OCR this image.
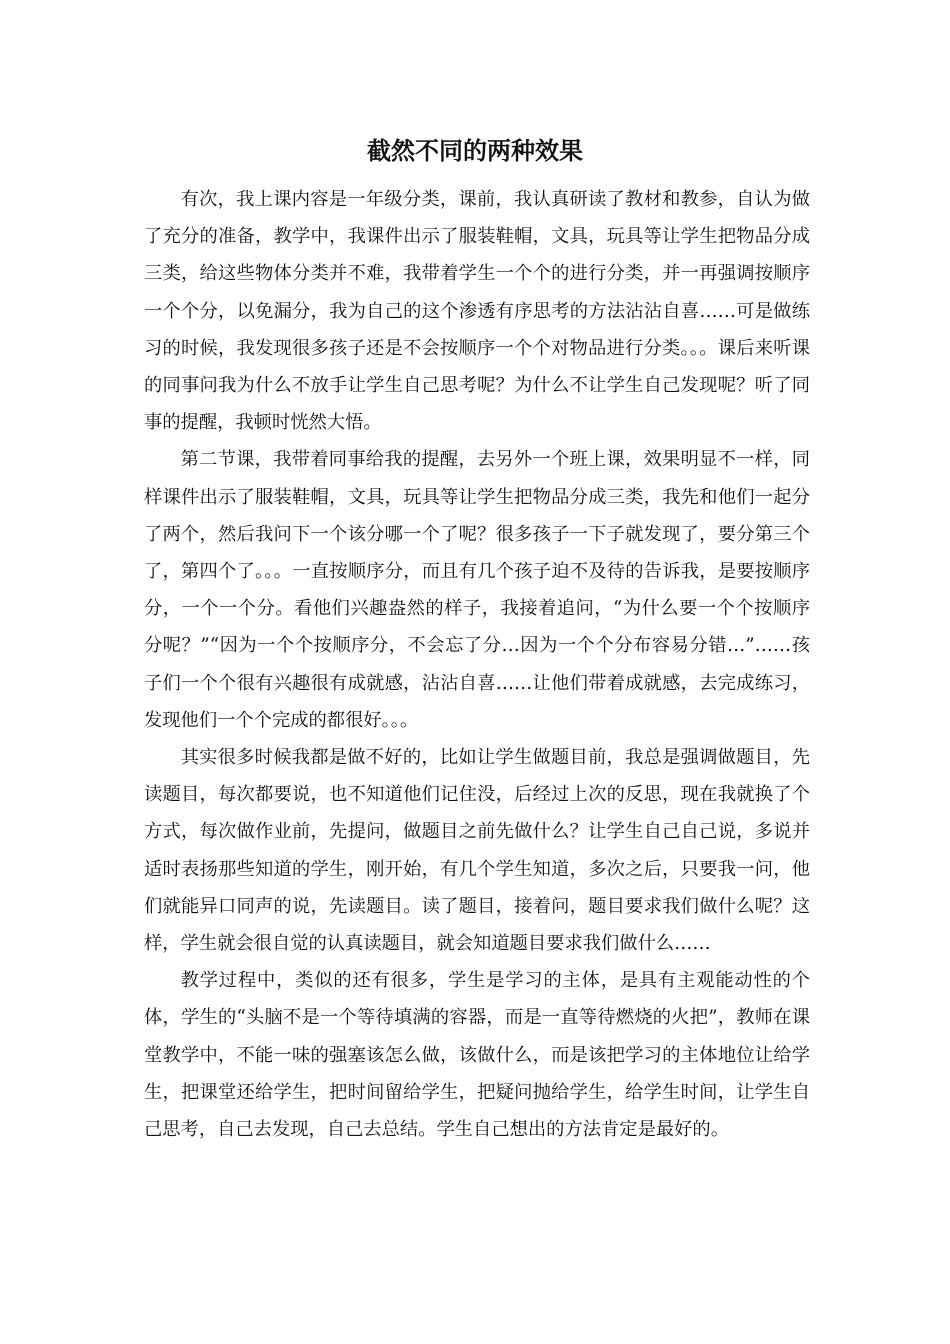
截然不同的两种效果

有次，我上课内容是一年级分类，课前，我认真研读了教材和教参，自认为做了充分的准备，教学中，我课件出示了服装鞋帽，文具，玩具等让学生把物品分成三类，给这些物体分类并不难，我带着学生一个个的进行分类，并一再强调按顺序一个个分，以免漏分，我为自己的这个渗透有序思考的方法沾沾自喜……可是做练习的时候，我发现很多孩子还是不会按顺序一个个对物品进行分类。。。课后来听课的同事问我为什么不放手让学生自己思考呢？为什么不让学生自己发现呢？听了同事的提醒，我顿时恍然大悟。

第二节课，我带着同事给我的提醒，去另外一个班上课，效果明显不一样，同样课件出示了服装鞋帽，文具，玩具等让学生把物品分成三类，我先和他们一起分了两个，然后我问下一个该分哪一个了呢？很多孩子一下子就发现了，要分第三个了，第四个了。。。一直按顺序分，而且有几个孩子迫不及待的告诉我，是要按顺序分，一个一个分。看他们兴趣盎然的样子，我接着追问，“为什么要一个个按顺序分呢？”“因为一个个按顺序分，不会忘了分…因为一个个分布容易分错…”……孩子们一个个很有兴趣很有成就感，沾沾自喜……让他们带着成就感，去完成练习，发现他们一个个完成的都很好。。。

其实很多时候我都是做不好的，比如让学生做题目前，我总是强调做题目，先读题目，每次都要说，也不知道他们记住没，后经过上次的反思，现在我就换了个方式，每次做作业前，先提问，做题目之前先做什么？让学生自己自己说，多说并适时表扬那些知道的学生，刚开始，有几个学生知道，多次之后，只要我一问，他们就能异口同声的说，先读题目。读了题目，接着问，题目要求我们做什么呢？这样，学生就会很自觉的认真读题目，就会知道题目要求我们做什么……

教学过程中，类似的还有很多，学生是学习的主体，是具有主观能动性的个体，学生的“头脑不是一个等待填满的容器，而是一直等待燃烧的火把”，教师在课堂教学中，不能一味的强塞该怎么做，该做什么，而是该把学习的主体地位让给学生，把课堂还给学生，把时间留给学生，把疑问抛给学生，给学生时间，让学生自己思考，自己去发现，自己去总结。学生自己想出的方法肯定是最好的。
